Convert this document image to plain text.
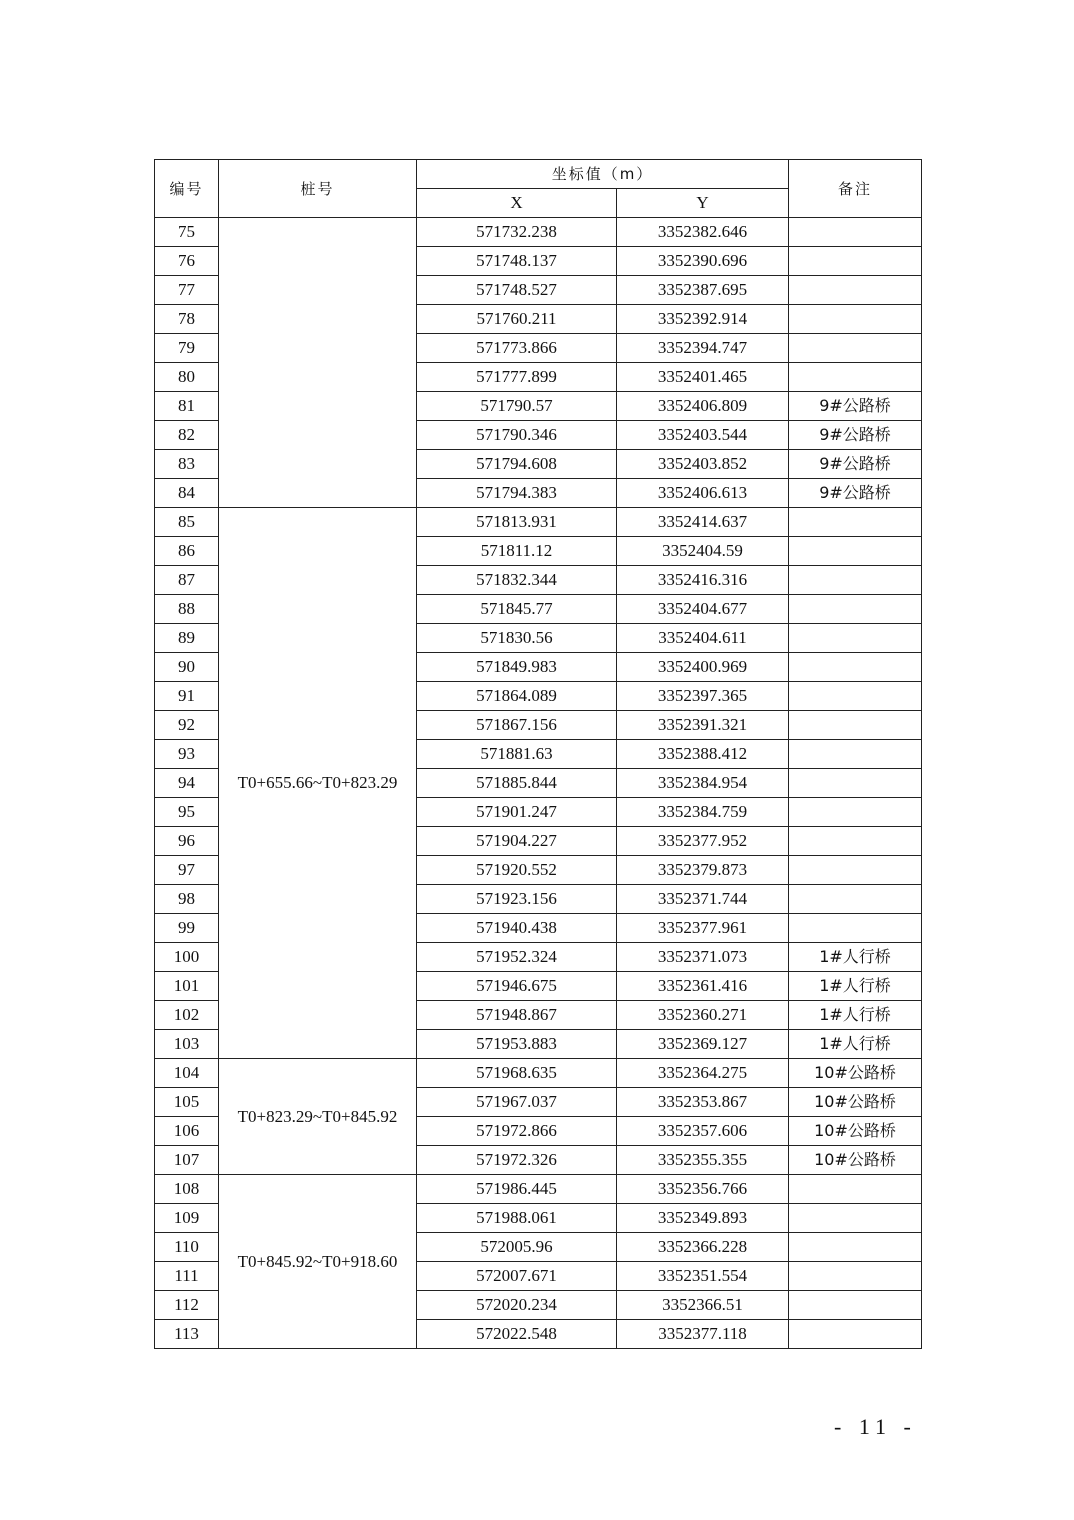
编号	桩号	坐标值（m）		备注
		X	Y	
75		571732.238	3352382.646	
76		571748.137	3352390.696	
77		571748.527	3352387.695	
78		571760.211	3352392.914	
79		571773.866	3352394.747	
80		571777.899	3352401.465	
81		571790.57	3352406.809	9#公路桥
82		571790.346	3352403.544	9#公路桥
83		571794.608	3352403.852	9#公路桥
84		571794.383	3352406.613	9#公路桥
85	T0+655.66~T0+823.29	571813.931	3352414.637	
86		571811.12	3352404.59	
87		571832.344	3352416.316	
88		571845.77	3352404.677	
89		571830.56	3352404.611	
90		571849.983	3352400.969	
91		571864.089	3352397.365	
92		571867.156	3352391.321	
93		571881.63	3352388.412	
94		571885.844	3352384.954	
95		571901.247	3352384.759	
96		571904.227	3352377.952	
97		571920.552	3352379.873	
98		571923.156	3352371.744	
99		571940.438	3352377.961	
100		571952.324	3352371.073	1#人行桥
101		571946.675	3352361.416	1#人行桥
102		571948.867	3352360.271	1#人行桥
103		571953.883	3352369.127	1#人行桥
104	T0+823.29~T0+845.92	571968.635	3352364.275	10#公路桥
105		571967.037	3352353.867	10#公路桥
106		571972.866	3352357.606	10#公路桥
107		571972.326	3352355.355	10#公路桥
108	T0+845.92~T0+918.60	571986.445	3352356.766	
109		571988.061	3352349.893	
110		572005.96	3352366.228	
111		572007.671	3352351.554	
112		572020.234	3352366.51	
113		572022.548	3352377.118	
- 11 -
